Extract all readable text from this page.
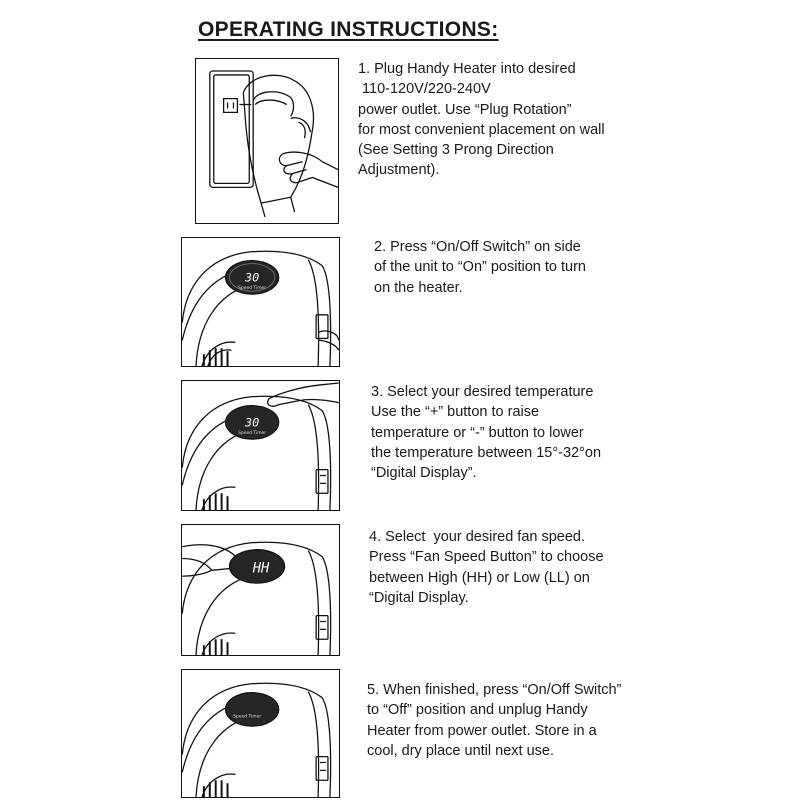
OPERATING INSTRUCTIONS:
1. Plug Handy Heater into desired
110-120V/220-240V
power outlet. Use “Plug Rotation”
for most convenient placement on wall
(See Setting 3 Prong Direction
Adjustment).
30
Speed Timer
2. Press “On/Off Switch” on side
of the unit to “On” position to turn
on the heater.
30
Speed Timer
3. Select your desired temperature
Use the “+” button to raise
temperature or “-” button to lower
the temperature between 15°-32°on
“Digital Display”.
HH
4. Select  your desired fan speed.
Press “Fan Speed Button” to choose
between High (HH) or Low (LL) on
“Digital Display.
Speed Timer
5. When finished, press “On/Off Switch”
to “Off” position and unplug Handy
Heater from power outlet. Store in a
cool, dry place until next use.
